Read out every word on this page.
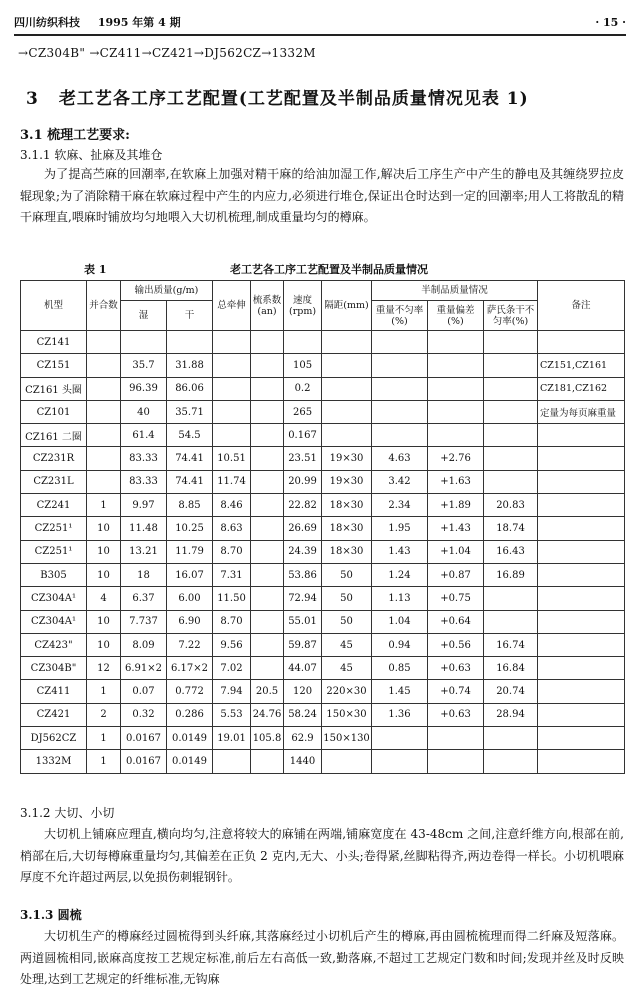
四川纺织科技 1995 年第 4 期	· 15 ·
→CZ304B" →CZ411→CZ421→DJ562CZ→1332M
3 老工艺各工序工艺配置(工艺配置及半制品质量情况见表 1)
3.1 梳理工艺要求:
3.1.1 软麻、扯麻及其堆仓
为了提高苎麻的回潮率,在软麻上加强对精干麻的给油加湿工作,解决后工序生产中产生的静电及其缠绕罗拉皮辊现象;为了消除精干麻在软麻过程中产生的内应力,必须进行堆仓,保证出仓时达到一定的回潮率;用人工将散乱的精干麻理直,喂麻时铺放均匀地喂入大切机梳理,制成重量均匀的樽麻。
表 1	老工艺各工序工艺配置及半制品质量情况
机型	并合数	输出质量(g/m)		总牵伸	梳系数(an)	速度(rpm)	隔距(mm)	半制品质量情况			备注
		湿	干					重量不匀率(%)	重量偏差(%)	萨氏条干不匀率(%)	
CZ141											
CZ151		35.7	31.88			105					CZ151,CZ161
CZ161 头圈		96.39	86.06			0.2					CZ181,CZ162
CZ101		40	35.71			265					定量为每页麻重量
CZ161 二圈		61.4	54.5			0.167					
CZ231R		83.33	74.41	10.51		23.51	19×30	4.63	+2.76		
CZ231L		83.33	74.41	11.74		20.99	19×30	3.42	+1.63		
CZ241	1	9.97	8.85	8.46		22.82	18×30	2.34	+1.89	20.83	
CZ251¹	10	11.48	10.25	8.63		26.69	18×30	1.95	+1.43	18.74	
CZ251¹	10	13.21	11.79	8.70		24.39	18×30	1.43	+1.04	16.43	
B305	10	18	16.07	7.31		53.86	50	1.24	+0.87	16.89	
CZ304A¹	4	6.37	6.00	11.50		72.94	50	1.13	+0.75		
CZ304A¹	10	7.737	6.90	8.70		55.01	50	1.04	+0.64		
CZ423"	10	8.09	7.22	9.56		59.87	45	0.94	+0.56	16.74	
CZ304B"	12	6.91×2	6.17×2	7.02		44.07	45	0.85	+0.63	16.84	
CZ411	1	0.07	0.772	7.94	20.5	120	220×30	1.45	+0.74	20.74	
CZ421	2	0.32	0.286	5.53	24.76	58.24	150×30	1.36	+0.63	28.94	
DJ562CZ	1	0.0167	0.0149	19.01	105.8	62.9	150×130				
1332M	1	0.0167	0.0149			1440					
3.1.2 大切、小切
大切机上铺麻应理直,横向均匀,注意将较大的麻铺在两端,铺麻宽度在 43-48cm 之间,注意纤维方向,根部在前,梢部在后,大切每樽麻重量均匀,其偏差在正负 2 克内,无大、小头;卷得紧,丝脚粘得齐,两边卷得一样长。小切机喂麻厚度不允许超过两层,以免损伤刺辊钢针。
3.1.3 圆梳
大切机生产的樽麻经过圆梳得到头纤麻,其落麻经过小切机后产生的樽麻,再由圆梳梳理而得二纤麻及短落麻。两道圆梳相同,嵌麻高度按工艺规定标准,前后左右高低一致,勤落麻,不超过工艺规定门数和时间;发现并丝及时反映处理,达到工艺规定的纤维标准,无钩麻
